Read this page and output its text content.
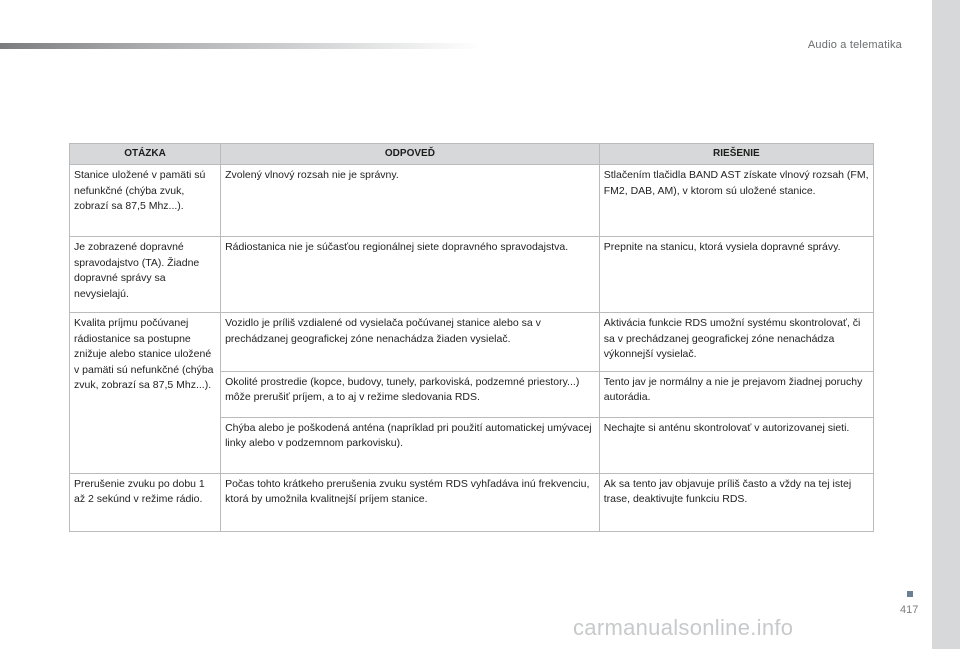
Audio a telematika
OTÁZKA	ODPOVEĎ	RIEŠENIE
Stanice uložené v pamäti sú nefunkčné (chýba zvuk, zobrazí sa 87,5 Mhz...).	Zvolený vlnový rozsah nie je správny.	Stlačením tlačidla BAND AST získate vlnový rozsah (FM, FM2, DAB, AM), v ktorom sú uložené stanice.
Je zobrazené dopravné spravodajstvo (TA). Žiadne dopravné správy sa nevysielajú.	Rádiostanica nie je súčasťou regionálnej siete dopravného spravodajstva.	Prepnite na stanicu, ktorá vysiela dopravné správy.
Kvalita príjmu počúvanej rádiostanice sa postupne znižuje alebo stanice uložené v pamäti sú nefunkčné (chýba zvuk, zobrazí sa 87,5 Mhz...).	Vozidlo je príliš vzdialené od vysielača počúvanej stanice alebo sa v prechádzanej geografickej zóne nenachádza žiaden vysielač.	Aktivácia funkcie RDS umožní systému skontrolovať, či sa v prechádzanej geografickej zóne nenachádza výkonnejší vysielač.
	Okolité prostredie (kopce, budovy, tunely, parkoviská, podzemné priestory...) môže prerušiť príjem, a to aj v režime sledovania RDS.	Tento jav je normálny a nie je prejavom žiadnej poruchy autorádia.
	Chýba alebo je poškodená anténa (napríklad pri použití automatickej umývacej linky alebo v podzemnom parkovisku).	Nechajte si anténu skontrolovať v autorizovanej sieti.
Prerušenie zvuku po dobu 1 až 2 sekúnd v režime rádio.	Počas tohto krátkeho prerušenia zvuku systém RDS vyhľadáva inú frekvenciu, ktorá by umožnila kvalitnejší príjem stanice.	Ak sa tento jav objavuje príliš často a vždy na tej istej trase, deaktivujte funkciu RDS.
417
carmanualsonline.info
